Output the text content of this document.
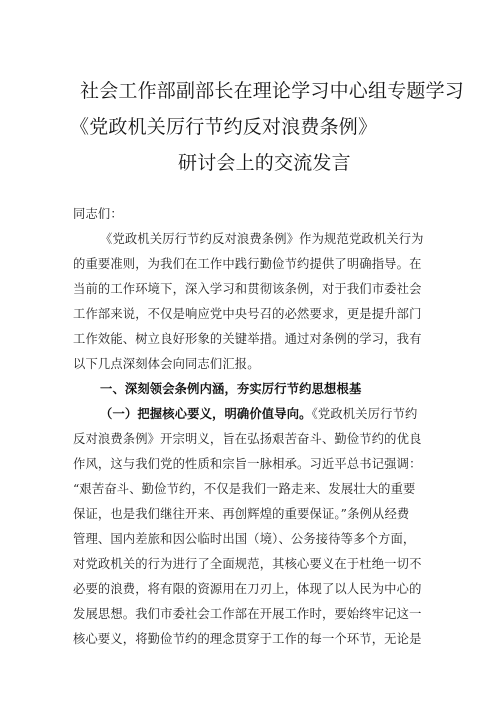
社会工作部副部长在理论学习中心组专题学习
《党政机关厉行节约反对浪费条例》
研讨会上的交流发言
同志们：
《党政机关厉行节约反对浪费条例》作为规范党政机关行为
的重要准则，为我们在工作中践行勤俭节约提供了明确指导。在
当前的工作环境下，深入学习和贯彻该条例，对于我们市委社会
工作部来说，不仅是响应党中央号召的必然要求，更是提升部门
工作效能、树立良好形象的关键举措。通过对条例的学习，我有
以下几点深刻体会向同志们汇报。
一、深刻领会条例内涵，夯实厉行节约思想根基
（一）把握核心要义，明确价值导向。《党政机关厉行节约
反对浪费条例》开宗明义，旨在弘扬艰苦奋斗、勤俭节约的优良
作风，这与我们党的性质和宗旨一脉相承。习近平总书记强调：
“艰苦奋斗、勤俭节约，不仅是我们一路走来、发展壮大的重要
保证，也是我们继往开来、再创辉煌的重要保证。”条例从经费
管理、国内差旅和因公临时出国（境）、公务接待等多个方面，
对党政机关的行为进行了全面规范，其核心要义在于杜绝一切不
必要的浪费，将有限的资源用在刀刃上，体现了以人民为中心的
发展思想。我们市委社会工作部在开展工作时，要始终牢记这一
核心要义，将勤俭节约的理念贯穿于工作的每一个环节，无论是
